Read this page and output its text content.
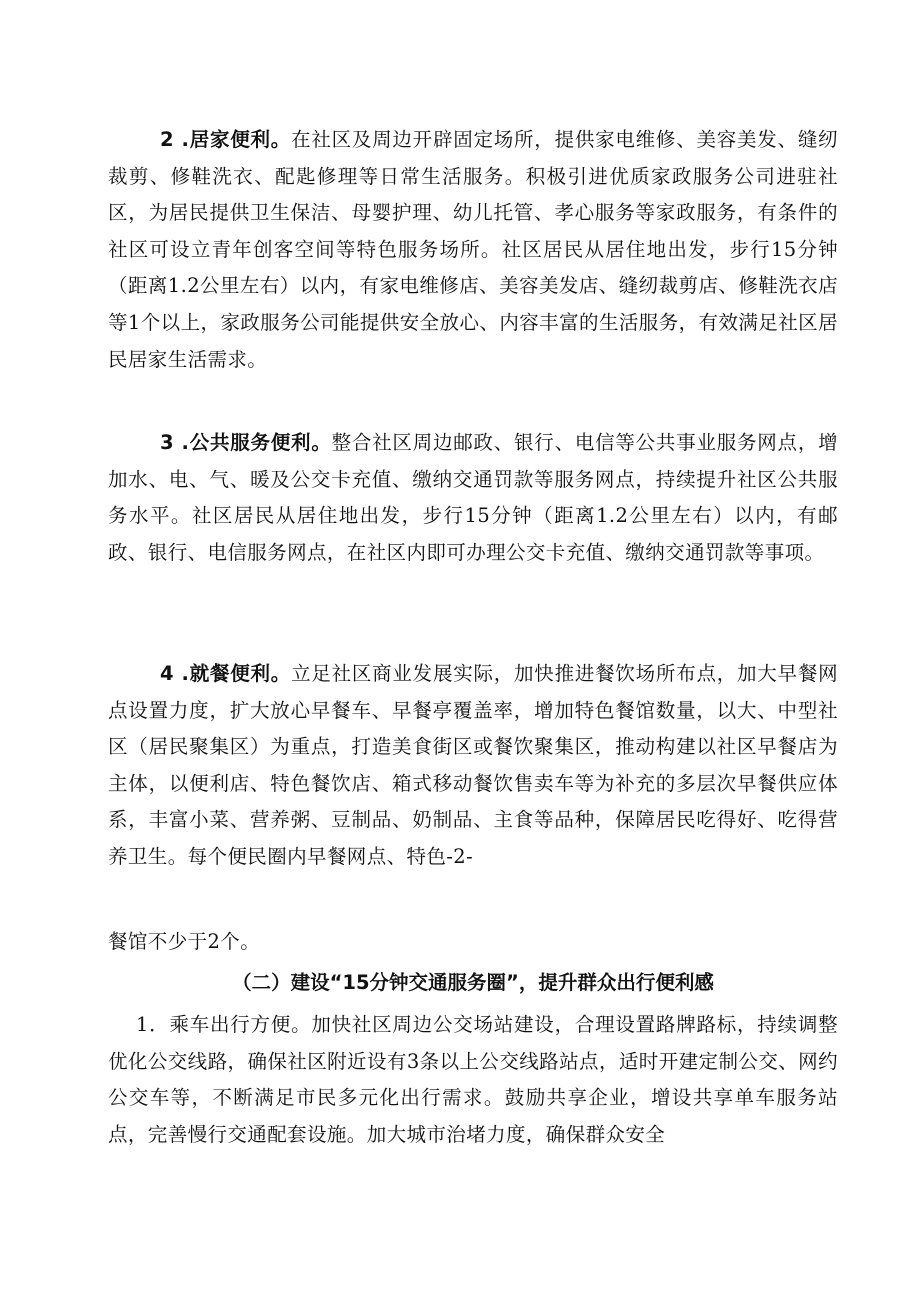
2 .居家便利。在社区及周边开辟固定场所，提供家电维修、美容美发、缝纫裁剪、修鞋洗衣、配匙修理等日常生活服务。积极引进优质家政服务公司进驻社区，为居民提供卫生保洁、母婴护理、幼儿托管、孝心服务等家政服务，有条件的社区可设立青年创客空间等特色服务场所。社区居民从居住地出发，步行15分钟（距离1.2公里左右）以内，有家电维修店、美容美发店、缝纫裁剪店、修鞋洗衣店等1个以上，家政服务公司能提供安全放心、内容丰富的生活服务，有效满足社区居民居家生活需求。

3 .公共服务便利。整合社区周边邮政、银行、电信等公共事业服务网点，增加水、电、气、暖及公交卡充值、缴纳交通罚款等服务网点，持续提升社区公共服务水平。社区居民从居住地出发，步行15分钟（距离1.2公里左右）以内，有邮政、银行、电信服务网点，在社区内即可办理公交卡充值、缴纳交通罚款等事项。

4 .就餐便利。立足社区商业发展实际，加快推进餐饮场所布点，加大早餐网点设置力度，扩大放心早餐车、早餐亭覆盖率，增加特色餐馆数量，以大、中型社区（居民聚集区）为重点，打造美食街区或餐饮聚集区，推动构建以社区早餐店为主体，以便利店、特色餐饮店、箱式移动餐饮售卖车等为补充的多层次早餐供应体系，丰富小菜、营养粥、豆制品、奶制品、主食等品种，保障居民吃得好、吃得营养卫生。每个便民圈内早餐网点、特色-2-

餐馆不少于2个。

（二）建设“15分钟交通服务圈”，提升群众出行便利感

1．乘车出行方便。加快社区周边公交场站建设，合理设置路牌路标，持续调整优化公交线路，确保社区附近设有3条以上公交线路站点，适时开建定制公交、网约公交车等，不断满足市民多元化出行需求。鼓励共享企业，增设共享单车服务站点，完善慢行交通配套设施。加大城市治堵力度，确保群众安全
